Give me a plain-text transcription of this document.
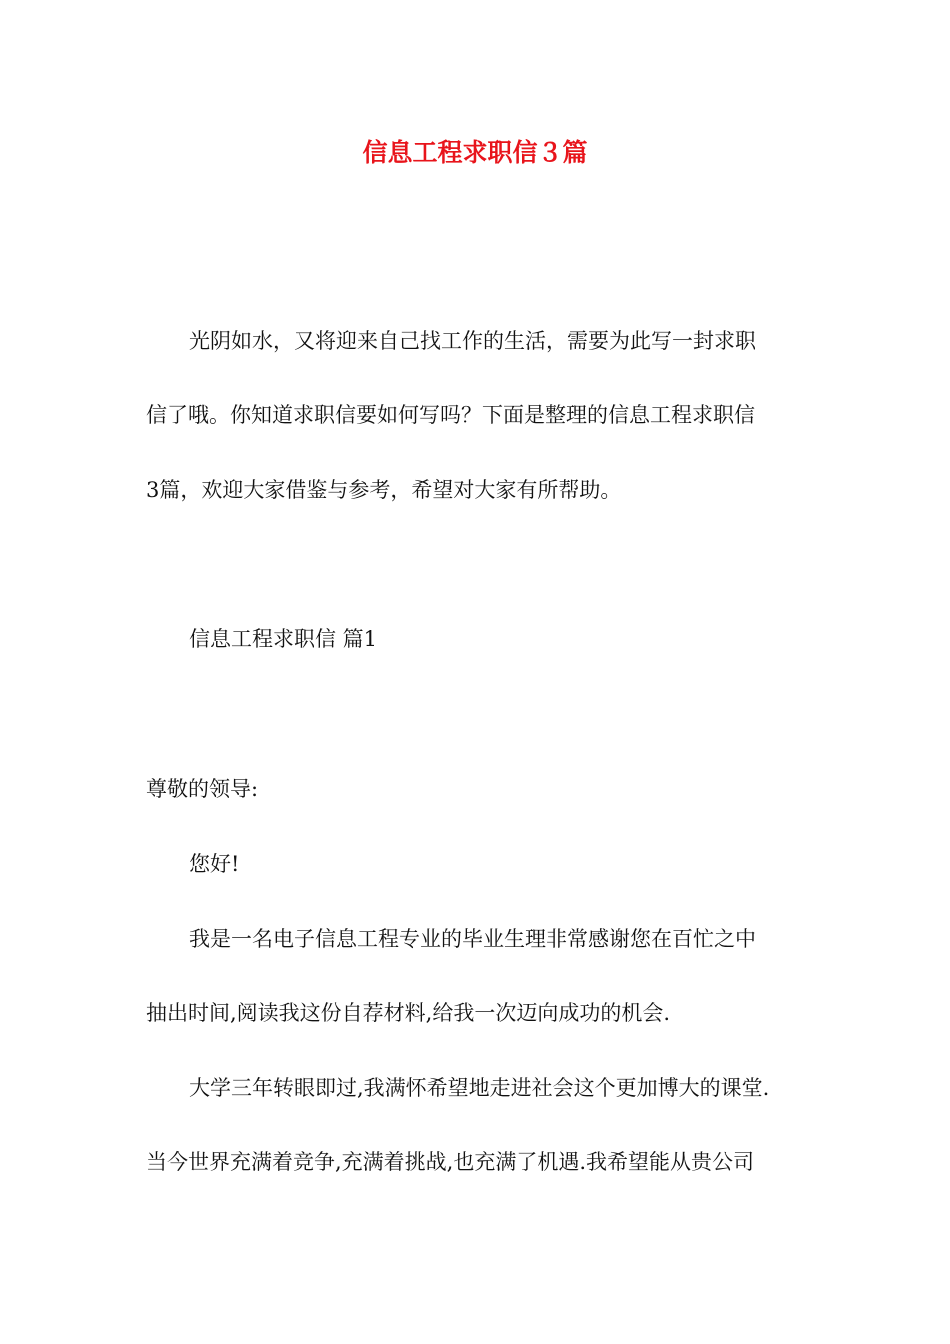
信息工程求职信３篇

光阴如水，又将迎来自己找工作的生活，需要为此写一封求职

信了哦。你知道求职信要如何写吗？下面是整理的信息工程求职信

3篇，欢迎大家借鉴与参考，希望对大家有所帮助。

信息工程求职信 篇1

尊敬的领导:

您好!

我是一名电子信息工程专业的毕业生理非常感谢您在百忙之中

抽出时间,阅读我这份自荐材料,给我一次迈向成功的机会.

大学三年转眼即过,我满怀希望地走进社会这个更加博大的课堂.

当今世界充满着竞争,充满着挑战,也充满了机遇.我希望能从贵公司
